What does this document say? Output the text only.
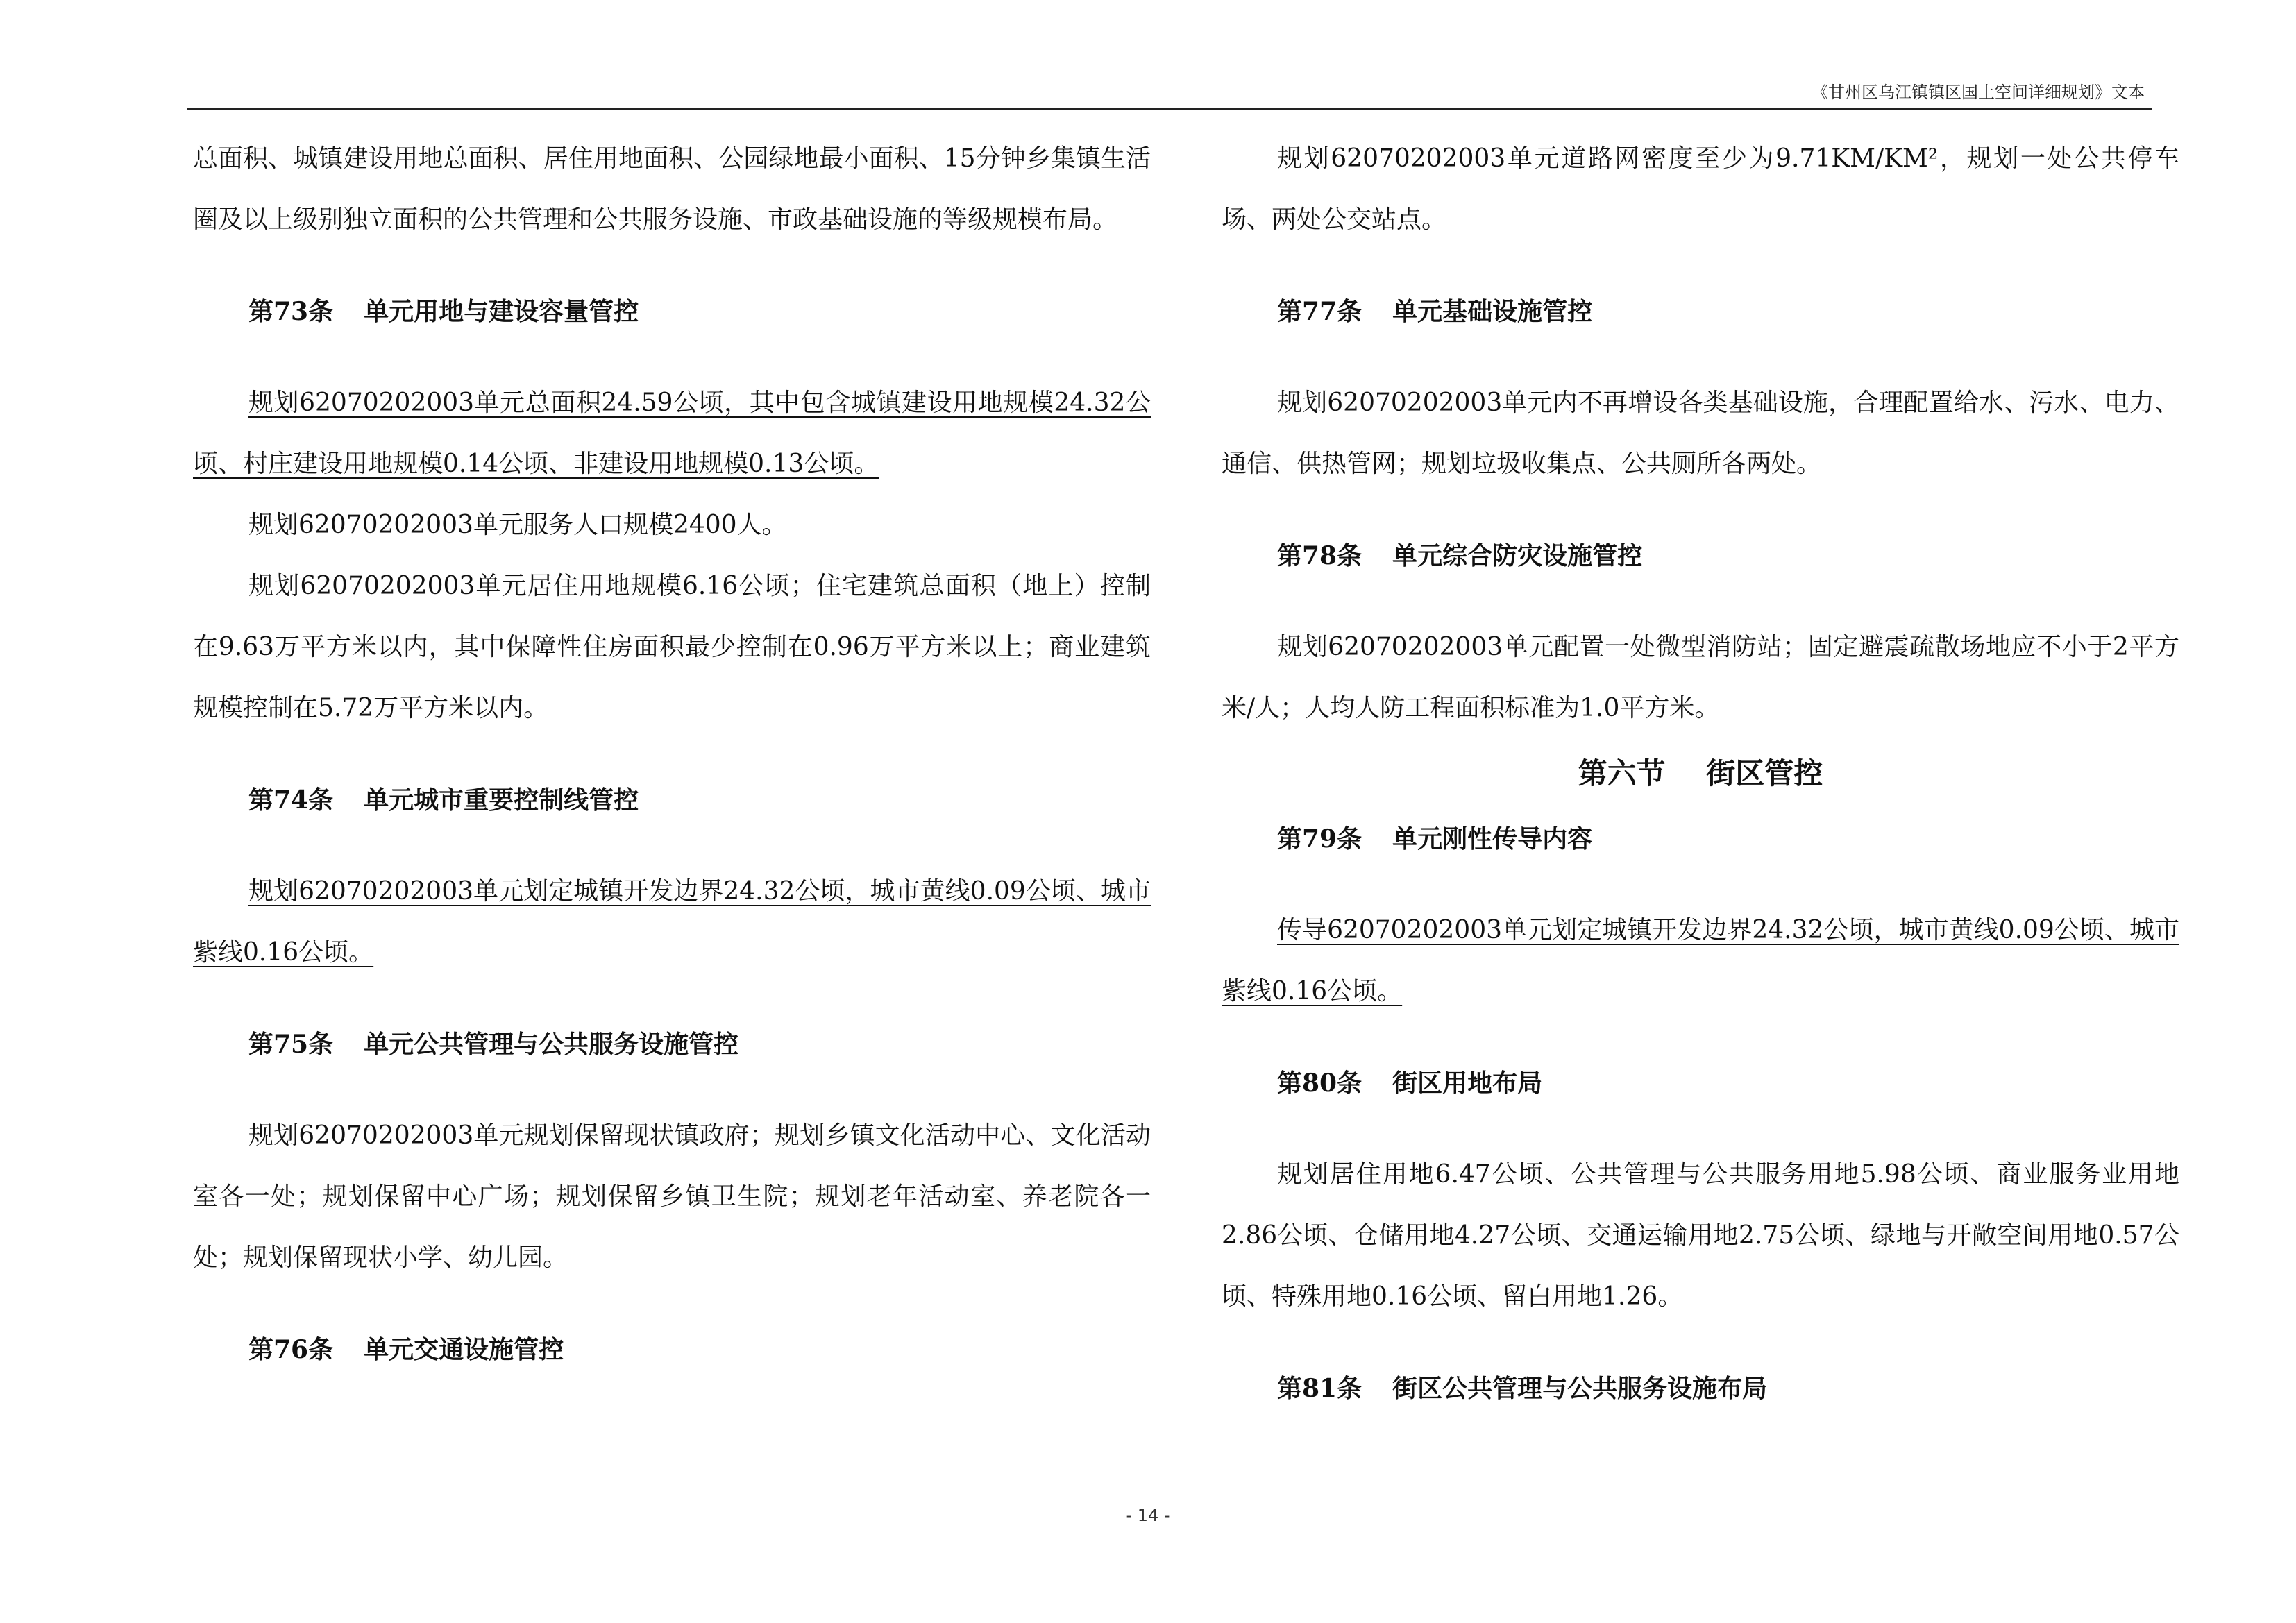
《甘州区乌江镇镇区国土空间详细规划》文本

总面积、城镇建设用地总面积、居住用地面积、公园绿地最小面积、15分钟乡集镇生活圈及以上级别独立面积的公共管理和公共服务设施、市政基础设施的等级规模布局。

第73条 单元用地与建设容量管控

规划62070202003单元总面积24.59公顷，其中包含城镇建设用地规模24.32公顷、村庄建设用地规模0.14公顷、非建设用地规模0.13公顷。

规划62070202003单元服务人口规模2400人。

规划62070202003单元居住用地规模6.16公顷；住宅建筑总面积（地上）控制在9.63万平方米以内，其中保障性住房面积最少控制在0.96万平方米以上；商业建筑规模控制在5.72万平方米以内。

第74条 单元城市重要控制线管控

规划62070202003单元划定城镇开发边界24.32公顷，城市黄线0.09公顷、城市紫线0.16公顷。

第75条 单元公共管理与公共服务设施管控

规划62070202003单元规划保留现状镇政府；规划乡镇文化活动中心、文化活动室各一处；规划保留中心广场；规划保留乡镇卫生院；规划老年活动室、养老院各一处；规划保留现状小学、幼儿园。

第76条 单元交通设施管控

规划62070202003单元道路网密度至少为9.71KM/KM²，规划一处公共停车场、两处公交站点。

第77条 单元基础设施管控

规划62070202003单元内不再增设各类基础设施，合理配置给水、污水、电力、通信、供热管网；规划垃圾收集点、公共厕所各两处。

第78条 单元综合防灾设施管控

规划62070202003单元配置一处微型消防站；固定避震疏散场地应不小于2平方米/人；人均人防工程面积标准为1.0平方米。

第六节    街区管控
第79条 单元刚性传导内容

传导62070202003单元划定城镇开发边界24.32公顷，城市黄线0.09公顷、城市紫线0.16公顷。

第80条 街区用地布局

规划居住用地6.47公顷、公共管理与公共服务用地5.98公顷、商业服务业用地2.86公顷、仓储用地4.27公顷、交通运输用地2.75公顷、绿地与开敞空间用地0.57公顷、特殊用地0.16公顷、留白用地1.26。

第81条 街区公共管理与公共服务设施布局
- 14 -
